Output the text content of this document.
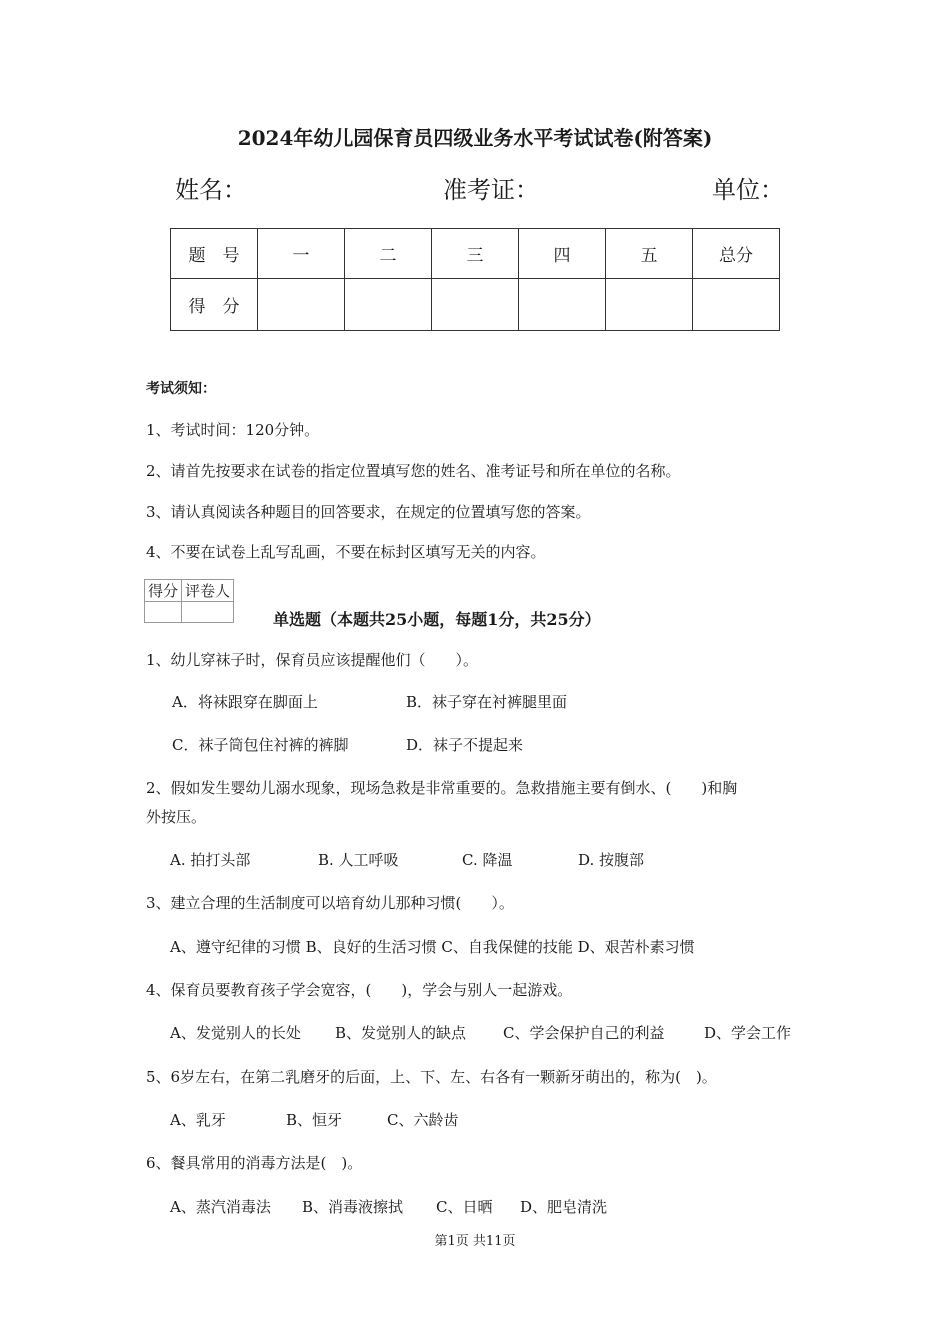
2024年幼儿园保育员四级业务水平考试试卷(附答案)
姓名：	准考证：	单位：
题　号	一	二	三	四	五	总分
得　分						
考试须知：
1、考试时间：120分钟。
2、请首先按要求在试卷的指定位置填写您的姓名、准考证号和所在单位的名称。
3、请认真阅读各种题目的回答要求，在规定的位置填写您的答案。
4、不要在试卷上乱写乱画，不要在标封区填写无关的内容。
得分	评卷人

单选题（本题共25小题，每题1分，共25分）
1、幼儿穿袜子时，保育员应该提醒他们（　　）。
A．将袜跟穿在脚面上	B．袜子穿在衬裤腿里面
C．袜子筒包住衬裤的裤脚	D．袜子不提起来
2、假如发生婴幼儿溺水现象，现场急救是非常重要的。急救措施主要有倒水、(　　)和胸
外按压。
A. 拍打头部	B. 人工呼吸	C. 降温	D. 按腹部
3、建立合理的生活制度可以培育幼儿那种习惯(　　）。
A、遵守纪律的习惯 B、良好的生活习惯 C、自我保健的技能 D、艰苦朴素习惯
4、保育员要教育孩子学会宽容，(　　)，学会与别人一起游戏。
A、发觉别人的长处 B、发觉别人的缺点 C、学会保护自己的利益	D、学会工作
5、6岁左右，在第二乳磨牙的后面，上、下、左、右各有一颗新牙萌出的，称为(　)。
A、乳牙	B、恒牙	C、六龄齿
6、餐具常用的消毒方法是(　)。
A、蒸汽消毒法 B、消毒液擦拭 C、日晒 D、肥皂清洗
第1页 共11页
